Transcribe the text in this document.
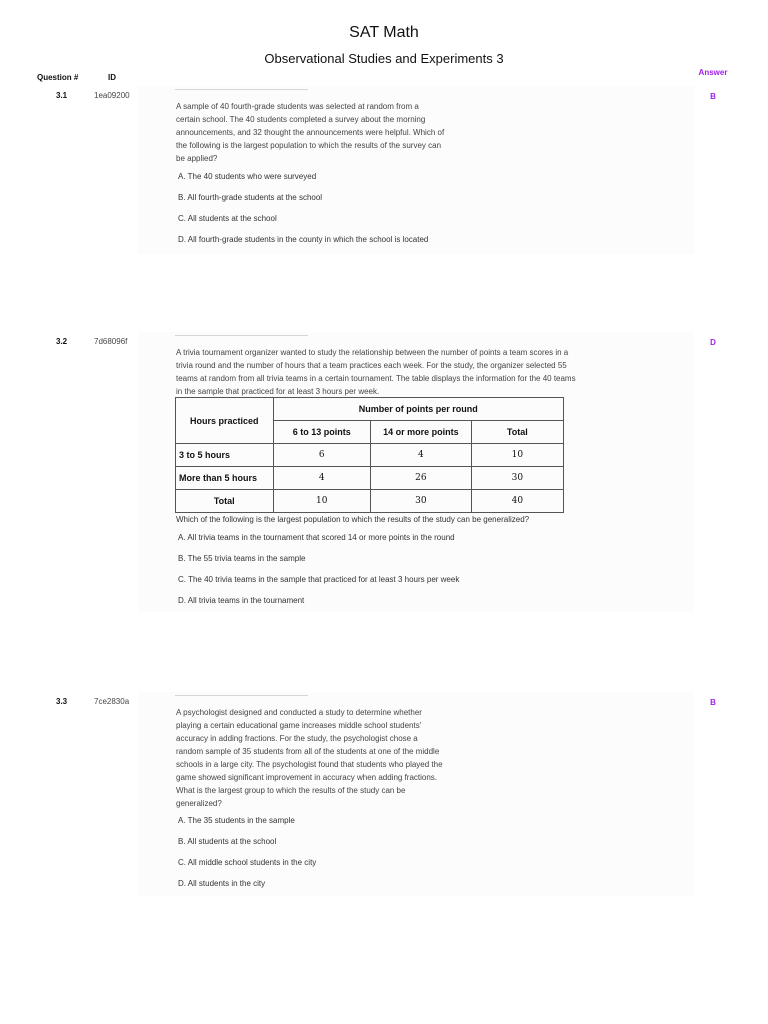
SAT Math
Observational Studies and Experiments 3
Question #	ID
Answer
3.1	1ea09200	B
A sample of 40 fourth-grade students was selected at random from a
certain school. The 40 students completed a survey about the morning
announcements, and 32 thought the announcements were helpful. Which of
the following is the largest population to which the results of the survey can
be applied?
A. The 40 students who were surveyed
B. All fourth-grade students at the school
C. All students at the school
D. All fourth-grade students in the county in which the school is located
3.2	7d68096f	D
A trivia tournament organizer wanted to study the relationship between the number of points a team scores in a
trivia round and the number of hours that a team practices each week. For the study, the organizer selected 55
teams at random from all trivia teams in a certain tournament. The table displays the information for the 40 teams
in the sample that practiced for at least 3 hours per week.
Hours practiced	Number of points per round		
	6 to 13 points	14 or more points	Total
3 to 5 hours	6	4	10
More than 5 hours	4	26	30
Total	10	30	40
Which of the following is the largest population to which the results of the study can be generalized?
A. All trivia teams in the tournament that scored 14 or more points in the round
B. The 55 trivia teams in the sample
C. The 40 trivia teams in the sample that practiced for at least 3 hours per week
D. All trivia teams in the tournament
3.3	7ce2830a	B
A psychologist designed and conducted a study to determine whether
playing a certain educational game increases middle school students'
accuracy in adding fractions. For the study, the psychologist chose a
random sample of 35 students from all of the students at one of the middle
schools in a large city. The psychologist found that students who played the
game showed significant improvement in accuracy when adding fractions.
What is the largest group to which the results of the study can be
generalized?
A. The 35 students in the sample
B. All students at the school
C. All middle school students in the city
D. All students in the city
